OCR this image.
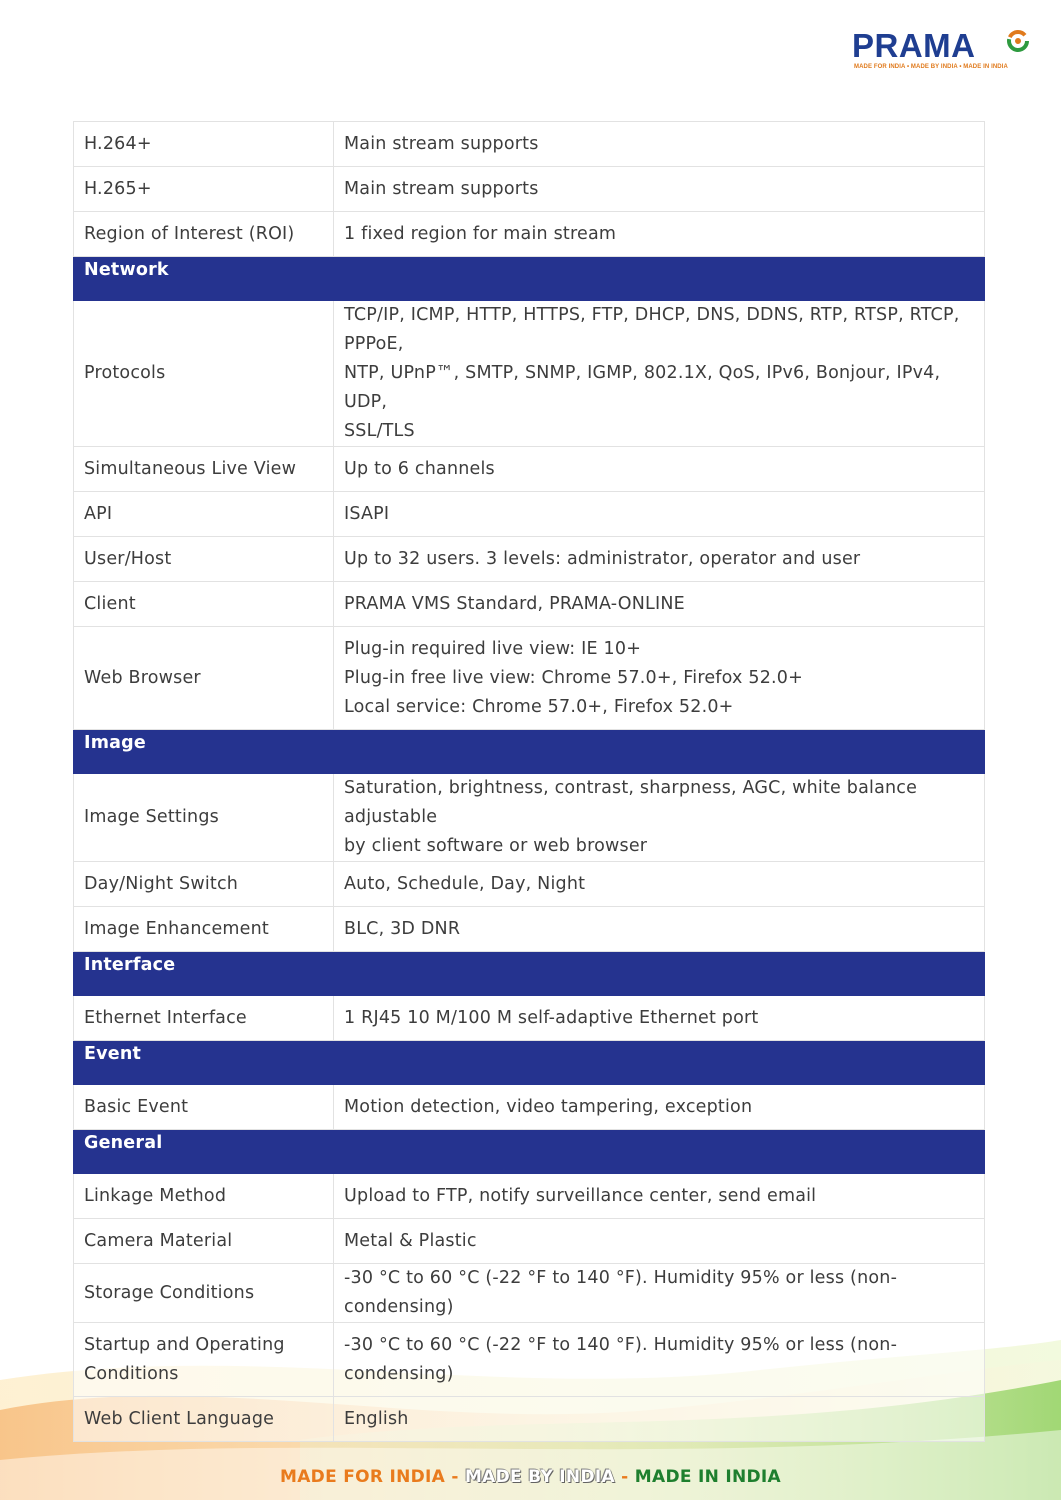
PRAMA
MADE FOR INDIA • MADE BY INDIA • MADE IN INDIA
H.264+	Main stream supports
H.265+	Main stream supports
Region of Interest (ROI)	1 fixed region for main stream

Network	

Protocols	TCP/IP, ICMP, HTTP, HTTPS, FTP, DHCP, DNS, DDNS, RTP, RTSP, RTCP, PPPoE,
NTP, UPnP™, SMTP, SNMP, IGMP, 802.1X, QoS, IPv6, Bonjour, IPv4, UDP,
SSL/TLS

Simultaneous Live View	Up to 6 channels
API	ISAPI
User/Host	Up to 32 users. 3 levels: administrator, operator and user
Client	PRAMA VMS Standard, PRAMA-ONLINE
Web Browser	Plug-in required live view: IE 10+
Plug-in free live view: Chrome 57.0+, Firefox 52.0+
Local service: Chrome 57.0+, Firefox 52.0+

Image	

Image Settings	Saturation, brightness, contrast, sharpness, AGC, white balance adjustable
by client software or web browser

Day/Night Switch	Auto, Schedule, Day, Night
Image Enhancement	BLC, 3D DNR

Interface	

Ethernet Interface	1 RJ45 10 M/100 M self-adaptive Ethernet port

Event	

Basic Event	Motion detection, video tampering, exception

General	

Linkage Method	Upload to FTP, notify surveillance center, send email
Camera Material	Metal & Plastic
Storage Conditions	-30 °C to 60 °C (-22 °F to 140 °F). Humidity 95% or less (non-condensing)

Startup and Operating
Conditions	-30 °C to 60 °C (-22 °F to 140 °F). Humidity 95% or less (non-condensing)
Web Client Language	English
MADE FOR INDIA - MADE BY INDIA - MADE IN INDIA
